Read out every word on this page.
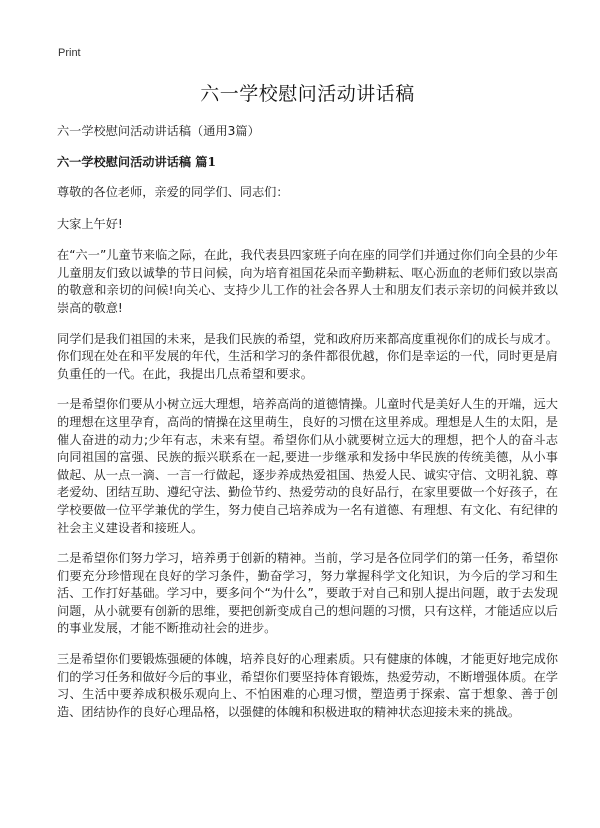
Print
六一学校慰问活动讲话稿
六一学校慰问活动讲话稿（通用3篇）
六一学校慰问活动讲话稿 篇1

尊敬的各位老师，亲爱的同学们、同志们：

大家上午好!

在“六一”儿童节来临之际，在此，我代表县四家班子向在座的同学们并通过你们向全县的少年儿童朋友们致以诚挚的节日问候，向为培育祖国花朵而辛勤耕耘、呕心沥血的老师们致以崇高的敬意和亲切的问候!向关心、支持少儿工作的社会各界人士和朋友们表示亲切的问候并致以崇高的敬意!

同学们是我们祖国的未来，是我们民族的希望，党和政府历来都高度重视你们的成长与成才。你们现在处在和平发展的年代，生活和学习的条件都很优越，你们是幸运的一代，同时更是肩负重任的一代。在此，我提出几点希望和要求。

一是希望你们要从小树立远大理想，培养高尚的道德情操。儿童时代是美好人生的开端，远大的理想在这里孕育，高尚的情操在这里萌生，良好的习惯在这里养成。理想是人生的太阳，是催人奋进的动力;少年有志，未来有望。希望你们从小就要树立远大的理想，把个人的奋斗志向同祖国的富强、民族的振兴联系在一起,要进一步继承和发扬中华民族的传统美德，从小事做起、从一点一滴、一言一行做起，逐步养成热爱祖国、热爱人民、诚实守信、文明礼貌、尊老爱幼、团结互助、遵纪守法、勤俭节约、热爱劳动的良好品行，在家里要做一个好孩子，在学校要做一位平学兼优的学生，努力使自己培养成为一名有道德、有理想、有文化、有纪律的社会主义建设者和接班人。

二是希望你们努力学习，培养勇于创新的精神。当前，学习是各位同学们的第一任务，希望你们要充分珍惜现在良好的学习条件，勤奋学习，努力掌握科学文化知识，为今后的学习和生活、工作打好基础。学习中，要多问个“为什么”，要敢于对自己和别人提出问题，敢于去发现问题，从小就要有创新的思维，要把创新变成自己的想问题的习惯，只有这样，才能适应以后的事业发展，才能不断推动社会的进步。

三是希望你们要锻炼强硬的体魄，培养良好的心理素质。只有健康的体魄，才能更好地完成你们的学习任务和做好今后的事业，希望你们要坚持体育锻炼，热爱劳动，不断增强体质。在学习、生活中要养成积极乐观向上、不怕困难的心理习惯，塑造勇于探索、富于想象、善于创造、团结协作的良好心理品格，以强健的体魄和积极进取的精神状态迎接未来的挑战。
